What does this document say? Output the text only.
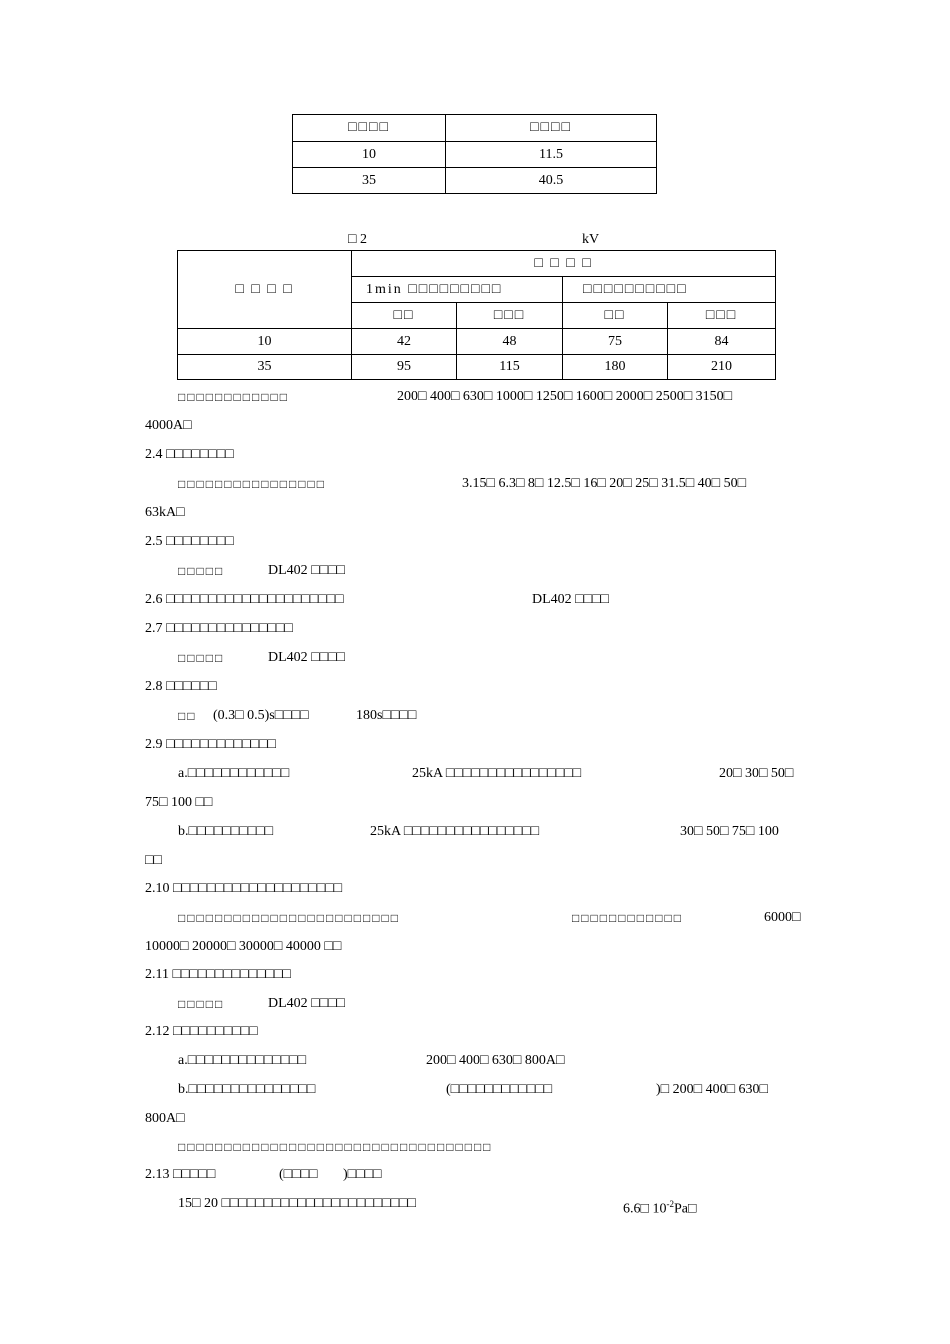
□□□□	□□□□
10	11.5
35	40.5
□ 2	kV
□ □ □ □	□ □ □ □			
	1min □□□□□□□□□		□□□□□□□□□□	
	□□	□□□	□□	□□□
10	42	48	75	84
35	95	115	180	210
□□□□□□□□□□□□	200□ 400□ 630□ 1000□ 1250□ 1600□ 2000□ 2500□ 3150□
4000A□
2.4 □□□□□□□□
□□□□□□□□□□□□□□□□	3.15□ 6.3□ 8□ 12.5□ 16□ 20□ 25□ 31.5□ 40□ 50□
63kA□
2.5 □□□□□□□□
□□□□□	DL402 □□□□
2.6 □□□□□□□□□□□□□□□□□□□□□	DL402 □□□□
2.7 □□□□□□□□□□□□□□□
□□□□□	DL402 □□□□
2.8 □□□□□□
□□ (0.3□ 0.5)s□□□□	180s□□□□
2.9 □□□□□□□□□□□□□
a.□□□□□□□□□□□□	25kA □□□□□□□□□□□□□□□□	20□ 30□ 50□
75□ 100 □□
b.□□□□□□□□□□	25kA □□□□□□□□□□□□□□□□	30□ 50□ 75□ 100
□□
2.10 □□□□□□□□□□□□□□□□□□□□
□□□□□□□□□□□□□□□□□□□□□□□□	□□□□□□□□□□□□	6000□
10000□ 20000□ 30000□ 40000 □□
2.11 □□□□□□□□□□□□□□
□□□□□	DL402 □□□□
2.12 □□□□□□□□□□
a.□□□□□□□□□□□□□□	200□ 400□ 630□ 800A□
b.□□□□□□□□□□□□□□□	(□□□□□□□□□□□□	)□ 200□ 400□ 630□
800A□
□□□□□□□□□□□□□□□□□□□□□□□□□□□□□□□□□□
2.13 □□□□□	(□□□□ )□□□□
15□ 20 □□□□□□□□□□□□□□□□□□□□□□□	6.6□ $10^{-2}Pa□$
